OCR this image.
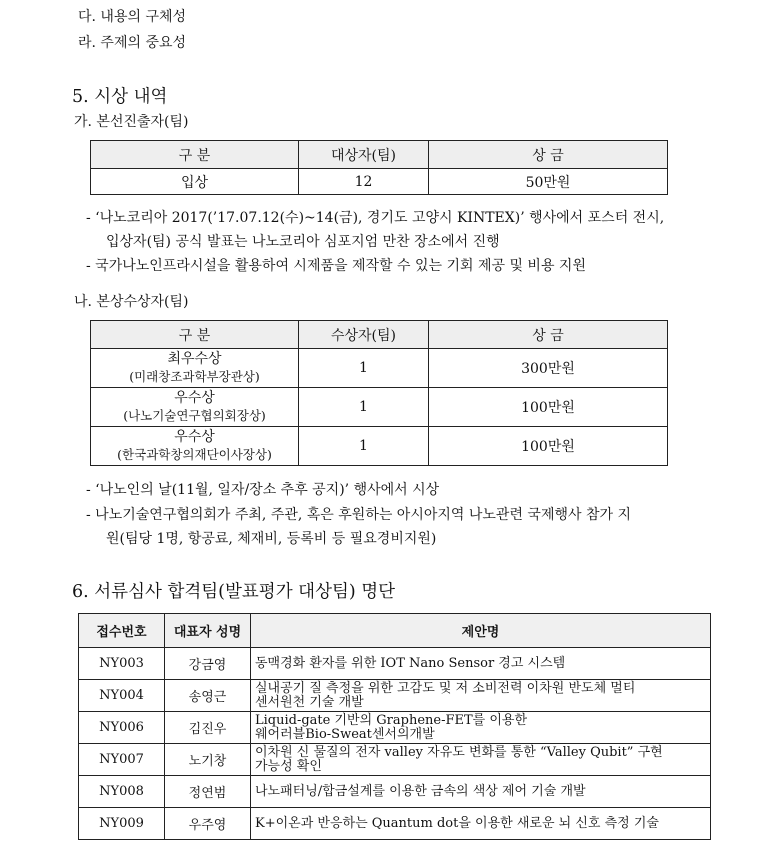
다. 내용의 구체성
라. 주제의 중요성
5. 시상 내역
가. 본선진출자(팀)
구 분	대상자(팀)	상 금
입상	12	50만원
- ‘나노코리아 2017(’17.07.12(수)~14(금), 경기도 고양시 KINTEX)’ 행사에서 포스터 전시,
입상자(팀) 공식 발표는 나노코리아 심포지엄 만찬 장소에서 진행
- 국가나노인프라시설을 활용하여 시제품을 제작할 수 있는 기회 제공 및 비용 지원
나. 본상수상자(팀)
구 분	수상자(팀)	상 금

최우수상
(미래창조과학부장관상)	1	300만원

우수상
(나노기술연구협의회장상)	1	100만원

우수상
(한국과학창의재단이사장상)	1	100만원
- ‘나노인의 날(11월, 일자/장소 추후 공지)’ 행사에서 시상
- 나노기술연구협의회가 주최, 주관, 혹은 후원하는 아시아지역 나노관련 국제행사 참가 지
원(팀당 1명, 항공료, 체재비, 등록비 등 필요경비지원)
6. 서류심사 합격팀(발표평가 대상팀) 명단
접수번호	대표자 성명	제안명
NY003	강금영	동맥경화 환자를 위한 IOT Nano Sensor 경고 시스템

NY004	송영근	실내공기 질 측정을 위한 고감도 및 저 소비전력 이차원 반도체 멀티
센서원천 기술 개발

NY006	김진우	Liquid-gate 기반의 Graphene-FET를 이용한
웨어러블Bio-Sweat센서의개발

NY007	노기창	이차원 신 물질의 전자 valley 자유도 변화를 통한 “Valley Qubit” 구현
가능성 확인

NY008	정연범	나노패터닝/합금설계를 이용한 금속의 색상 제어 기술 개발

NY009	우주영	K+이온과 반응하는 Quantum dot을 이용한 새로운 뇌 신호 측정 기술
